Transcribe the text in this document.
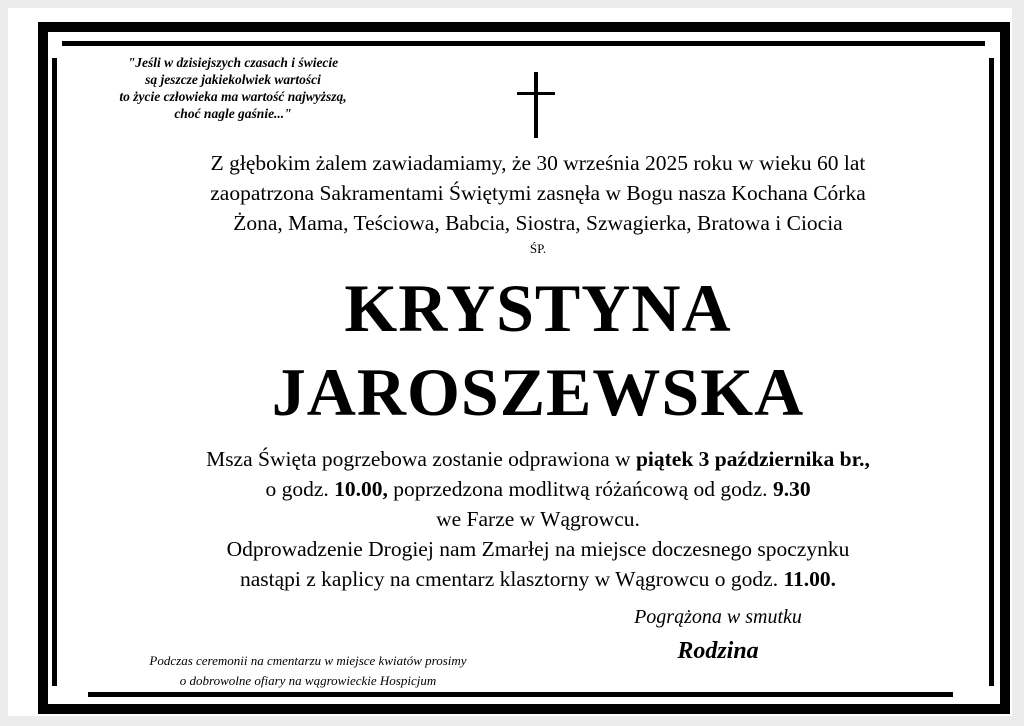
"Jeśli w dzisiejszych czasach i świecie
są jeszcze jakiekolwiek wartości
to życie człowieka ma wartość najwyższą,
choć nagle gaśnie..."
Z głębokim żalem zawiadamiamy, że 30 września 2025 roku w wieku 60 lat
zaopatrzona Sakramentami Świętymi zasnęła w Bogu nasza Kochana Córka
Żona, Mama, Teściowa, Babcia, Siostra, Szwagierka, Bratowa i Ciocia
ŚP.
KRYSTYNA
JAROSZEWSKA
Msza Święta pogrzebowa zostanie odprawiona w piątek 3 października br.,
o godz. 10.00, poprzedzona modlitwą różańcową od godz. 9.30
we Farze w Wągrowcu.
Odprowadzenie Drogiej nam Zmarłej na miejsce doczesnego spoczynku
nastąpi z kaplicy na cmentarz klasztorny w Wągrowcu o godz. 11.00.
Pogrążona w smutku
Rodzina
Podczas ceremonii na cmentarzu w miejsce kwiatów prosimy
o dobrowolne ofiary na wągrowieckie Hospicjum
